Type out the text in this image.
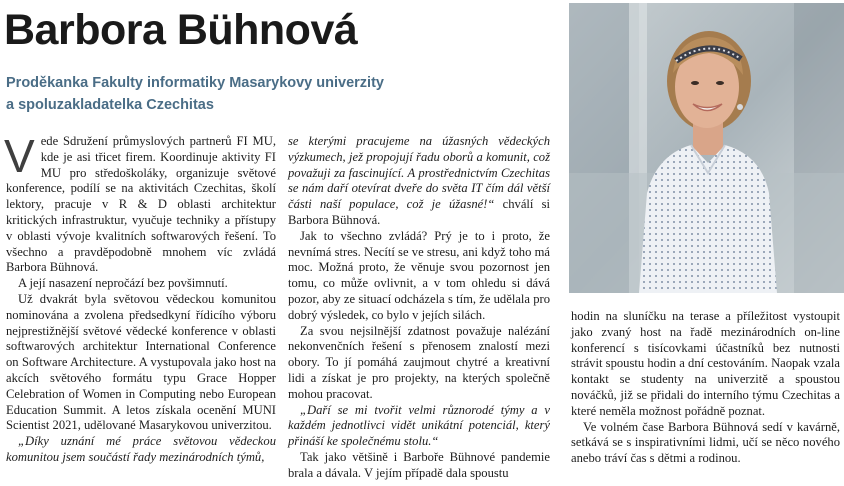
Barbora Bühnová
Proděkanka Fakulty informatiky Masarykovy univerzity
a spoluzakladatelka Czechitas

Vede Sdružení průmyslových partnerů FI MU, kde je asi třicet firem. Koordinuje aktivity FI MU pro středoškoláky, organizuje světové konference, podílí se na aktivitách Czechitas, školí lektory, pracuje v R & D oblasti architektur kritických infrastruktur, vyučuje techniky a přístupy v oblasti vývoje kvalitních softwarových řešení. To všechno a pravděpodobně mnohem víc zvládá Barbora Bühnová.

A její nasazení nepročází bez povšimnutí.

Už dvakrát byla světovou vědeckou komunitou nominována a zvolena předsedkyní řídicího výboru nejprestižnější světové vědecké konference v oblasti softwarových architektur International Conference on Software Architecture. A vystupovala jako host na akcích světového formátu typu Grace Hopper Celebration of Women in Computing nebo European Education Summit. A letos získala ocenění MUNI Scientist 2021, udělované Masarykovou univerzitou.

„Díky uznání mé práce světovou vědeckou komunitou jsem součástí řady mezinárodních týmů,

se kterými pracujeme na úžasných vědeckých výzkumech, jež propojují řadu oborů a komunit, což považuji za fascinující. A prostřednictvím Czechitas se nám daří otevírat dveře do světa IT čím dál větší části naší populace, což je úžasné!“ chválí si Barbora Bühnová.

Jak to všechno zvládá? Prý je to i proto, že nevnímá stres. Necítí se ve stresu, ani když toho má moc. Možná proto, že věnuje svou pozornost jen tomu, co může ovlivnit, a v tom ohledu si dává pozor, aby ze situací odcházela s tím, že udělala pro dobrý výsledek, co bylo v jejích silách.

Za svou nejsilnější zdatnost považuje nalézání nekonvenčních řešení s přenosem znalostí mezi obory. To jí pomáhá zaujmout chytré a kreativní lidi a získat je pro projekty, na kterých společně mohou pracovat.

„Daří se mi tvořit velmi různorodé týmy a v každém jednotlivci vidět unikátní potenciál, který přináší ke společnému stolu.“

Tak jako většině i Barboře Bühnové pandemie brala a dávala. V jejím případě dala spoustu

hodin na sluníčku na terase a příležitost vystoupit jako zvaný host na řadě mezinárodních on-line konferencí s tisícovkami účastníků bez nutnosti strávit spoustu hodin a dní cestováním. Naopak vzala kontakt se studenty na univerzitě a spoustou nováčků, již se přidali do interního týmu Czechitas a které neměla možnost pořádně poznat.

Ve volném čase Barbora Bühnová sedí v kavárně, setkává se s inspirativními lidmi, učí se něco nového anebo tráví čas s dětmi a rodinou.
